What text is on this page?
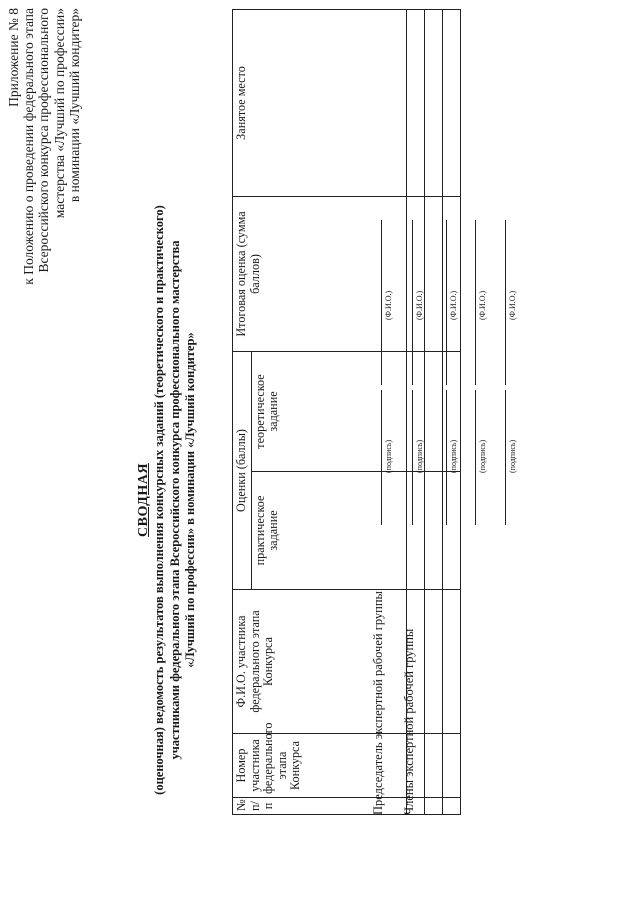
Приложение № 8 к Положению о проведении федерального этапа Всероссийского конкурса профессионального мастерства «Лучший по профессии» в номинации «Лучший кондитер»
СВОДНАЯ (оценочная) ведомость результатов выполнения конкурсных заданий (теоретического и практического) участниками федерального этапа Всероссийского конкурса профессионального мастерства «Лучший по профессии» в номинации «Лучший кондитер»
№ п/п	Номер участника федерального этапа Конкурса	Ф.И.О. участника федерального этапа Конкурса	Оценки (баллы)		Итоговая оценка (сумма баллов)	Занятое место
			практическое задание	теоретическое задание		

Председатель экспертной рабочей группы
(подпись)
(Ф.И.О.)
Члены экспертной рабочей группы
(подпись)
(Ф.И.О.)
(подпись)
(Ф.И.О.)
(подпись)
(Ф.И.О.)
(подпись)
(Ф.И.О.)
